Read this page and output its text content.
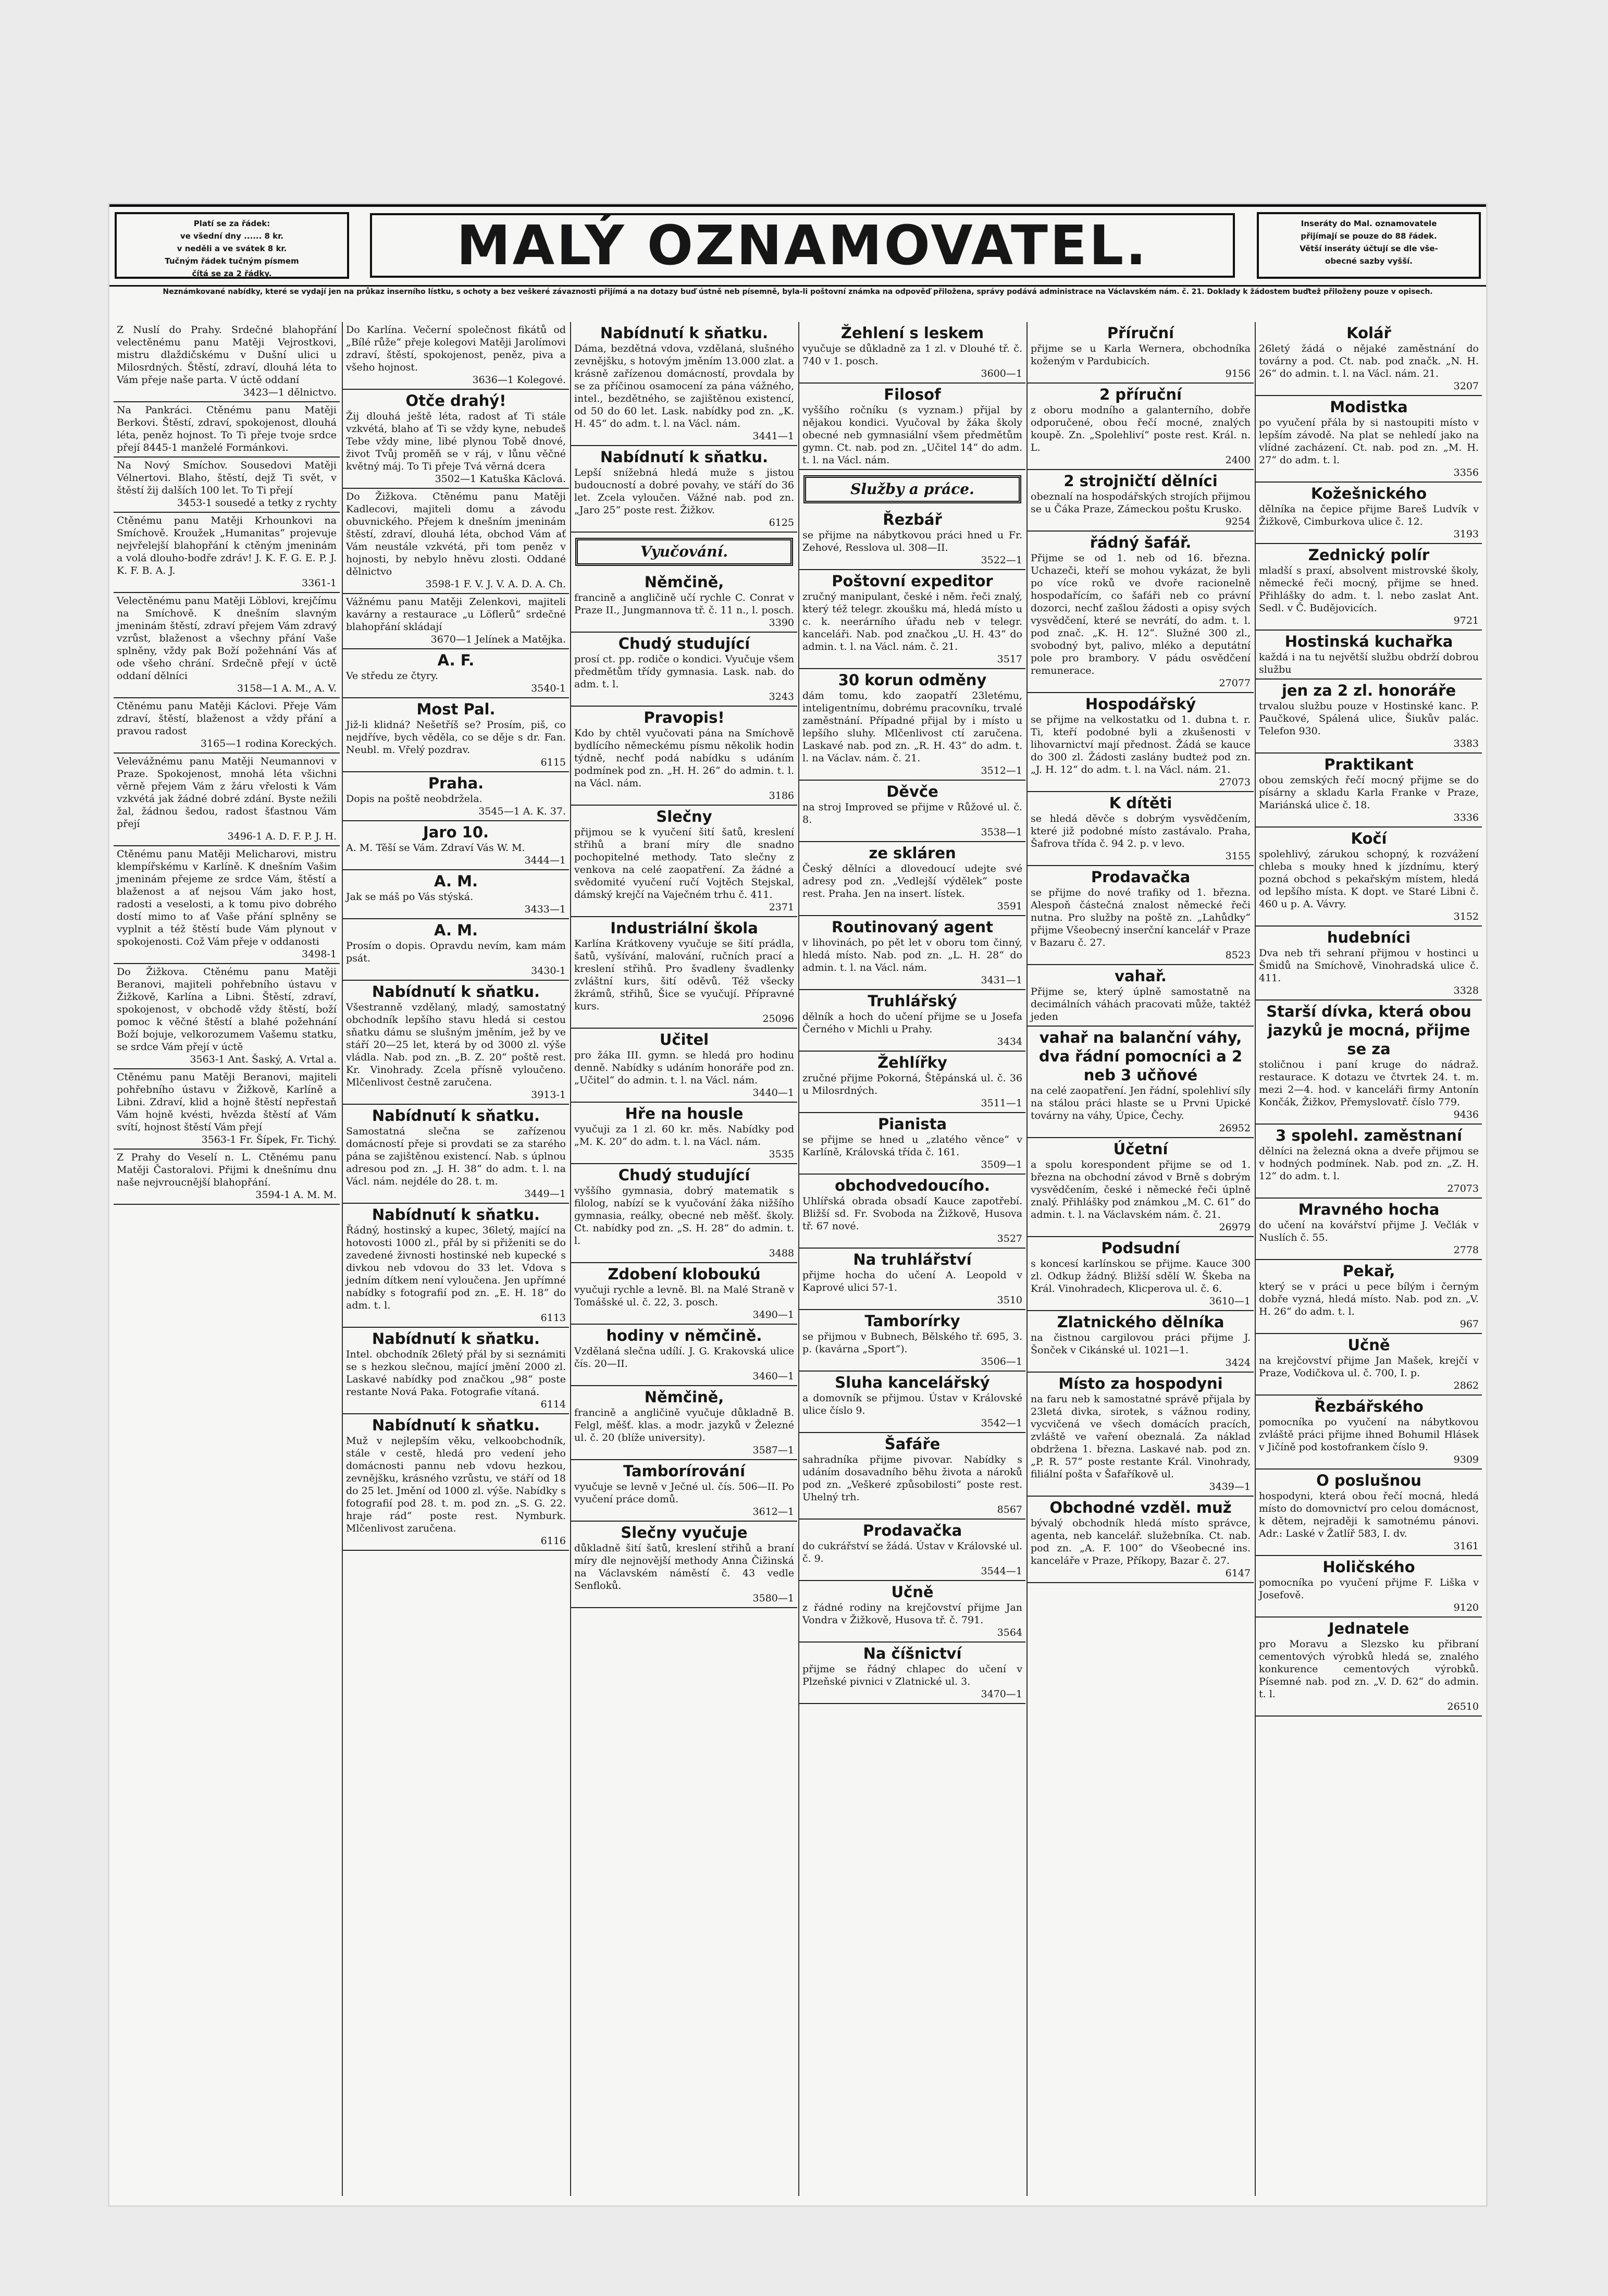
Platí se za řádek:
ve všední dny ...... 8 kr.
v neděli a ve svátek 8 kr.
Tučným řádek tučným písmem
čítá se za 2 řádky.	MALÝ OZNAMOVATEL.	Inseráty do Mal. oznamovatele
přijímají se pouze do 88 řádek.
Větší inseráty účtují se dle vše-
obecné sazby vyšší.
Neznámkované nabídky, které se vydají jen na průkaz inserního lístku, s ochoty a bez veškeré závaznosti přijímá a na dotazy buď ústně neb písemně, byla-li poštovní známka na odpověď přiložena, správy podává administrace na Václavském nám. č. 21. Doklady k žádostem buďtež přiloženy pouze v opisech.

Z Nuslí do Prahy. Srdečné blahopřání velectěnému panu Matěji Vejrostkovi, mistru dlaždičskému v Dušní ulici u Milosrdných. Štěstí, zdraví, dlouhá léta to Vám přeje naše parta. V úctě oddaní

3423—1 dělnictvo.

Na Pankráci. Ctěnému panu Matěji Berkovi. Štěstí, zdraví, spokojenost, dlouhá léta, peněz hojnost. To Ti přeje tvoje srdce přejí 8445-1 manželé Formánkovi.

Na Nový Smíchov. Sousedovi Matěji Vélnertovi. Blaho, štěstí, dejž Ti svět, v štěstí žij dalších 100 let. To Ti přejí

3453-1 sousedé a tetky z rychty

Ctěnému panu Matěji Krhounkovi na Smíchově. Kroužek „Humanitas“ projevuje nejvřelejší blahopřání k ctěným jmeninám a volá dlouho-bodře zdráv! J. K. F. G. E. P. J. K. F. B. A. J.

3361-1

Velectěnému panu Matěji Löblovi, krejčímu na Smíchově. K dnešním slavným jmeninám štěstí, zdraví přejem Vám zdravý vzrůst, blaženost a všechny přání Vaše splněny, vždy pak Boží požehnání Vás ať ode všeho chrání. Srdečně přejí v úctě oddaní dělníci

3158—1 A. M., A. V.

Ctěnému panu Matěji Káclovi. Přeje Vám zdraví, štěstí, blaženost a vždy přání a pravou radost

3165—1 rodina Koreckých.

Velevážnému panu Matěji Neumannovi v Praze. Spokojenost, mnohá léta všichni věrně přejem Vám z žáru vřelosti k Vám vzkvétá jak žádné dobré zdání. Byste nežili žal, žádnou šedou, radost šťastnou Vám přejí

3496-1 A. D. F. P. J. H.

Ctěnému panu Matěji Melicharovi, mistru klempířskému v Karlíně. K dnešním Vašim jmeninám přejeme ze srdce Vám, štěstí a blaženost a ať nejsou Vám jako host, radosti a veselosti, a k tomu pivo dobrého dostí mimo to ať Vaše přání splněny se vyplnit a též štěstí bude Vám plynout v spokojenosti. Což Vám přeje v oddanosti

3498-1

Do Žižkova. Ctěnému panu Matěji Beranovi, majiteli pohřebního ústavu v Žižkově, Karlína a Libni. Štěstí, zdraví, spokojenost, v obchodě vždy štěstí, boží pomoc k věčné štěstí a blahé požehnání Boží bojuje, velkorozumem Vašemu statku, se srdce Vám přejí v úctě

3563-1 Ant. Šaský, A. Vrtal a.

Ctěnému panu Matěji Beranovi, majiteli pohřebního ústavu v Žižkově, Karlíně a Libni. Zdraví, klid a hojně štěstí nepřestaň Vám hojně kvésti, hvězda štěstí ať Vám svítí, hojnost štěstí Vám přejí

3563-1 Fr. Šípek, Fr. Tichý.

Z Prahy do Veselí n. L. Ctěnému panu Matěji Častoralovi. Přijmi k dnešnímu dnu naše nejvroucnější blahopřání.

3594-1 A. M. M.

Do Karlína. Večerní společnost fikátů od „Bílé růže“ přeje kolegovi Matěji Jarolímovi zdraví, štěstí, spokojenost, peněz, piva a všeho hojnost.

3636—1 Kolegové.

Otče drahý!

Žij dlouhá ještě léta, radost ať Ti stále vzkvétá, blaho ať Ti se vždy kyne, nebudeš Tebe vždy mine, libé plynou Tobě dnové, život Tvůj proměň se v ráj, v lůnu věčné květný máj. To Ti přeje Tvá věrná dcera

3502—1 Katuška Kāclová.

Do Žižkova. Ctěnému panu Matěji Kadlecovi, majiteli domu a závodu obuvnického. Přejem k dnešním jmeninám štěstí, zdraví, dlouhá léta, obchod Vám ať Vám neustále vzkvétá, při tom peněz v hojnosti, by nebylo hněvu zlosti. Oddané dělnictvo

3598-1 F. V. J. V. A. D. A. Ch.

Vážnému panu Matěji Zelenkovi, majiteli kavárny a restaurace „u Löflerů“ srdečné blahopřání skládají

3670—1 Jelínek a Matějka.

A. F.

Ve středu ze čtyry.

3540-1

Most Pal.

Již-li klidná? Nešetříš se? Prosím, piš, co nejdříve, bych věděla, co se děje s dr. Fan. Neubl. m. Vřelý pozdrav.

6115

Praha.

Dopis na poště neobdržela.

3545—1 A. K. 37.

Jaro 10.

A. M. Těší se Vám. Zdraví Vás W. M.

3444—1

A. M.

Jak se máš po Vás stýská.

3433—1

A. M.

Prosím o dopis. Opravdu nevím, kam mám psát.

3430-1

Nabídnutí k sňatku.

Všestranně vzdělaný, mladý, samostatný obchodník lepšího stavu hledá si cestou sňatku dámu se slušným jměním, jež by ve stáří 20—25 let, která by od 3000 zl. výše vládla. Nab. pod zn. „B. Z. 20“ poště rest. Kr. Vinohrady. Zcela přísně vyloučeno. Mlčenlivost čestně zaručena.

3913-1

Nabídnutí k sňatku.

Samostatná slečna se zařízenou domácností přeje si provdati se za starého pána se zajištěnou existencí. Nab. s úplnou adresou pod zn. „J. H. 38“ do adm. t. l. na Václ. nám. nejdéle do 28. t. m.

3449—1

Nabídnutí k sňatku.

Řádný, hostinský a kupec, 36letý, mající na hotovosti 1000 zl., přál by si přiženiti se do zavedené živnosti hostinské neb kupecké s divkou neb vdovou do 33 let. Vdova s jedním dítkem není vyloučena. Jen upřímné nabídky s fotografií pod zn. „E. H. 18“ do adm. t. l.

6113

Nabídnutí k sňatku.

Intel. obchodník 26letý přál by si seznámiti se s hezkou slečnou, mající jmění 2000 zl. Laskavé nabídky pod značkou „98“ poste restante Nová Paka. Fotografie vítaná.

6114

Nabídnutí k sňatku.

Muž v nejlepším věku, velkoobchodník, stále v cestě, hledá pro vedení jeho domácnosti pannu neb vdovu hezkou, zevnějšku, krásného vzrůstu, ve stáří od 18 do 25 let. Jmění od 1000 zl. výše. Nabídky s fotografií pod 28. t. m. pod zn. „S. G. 22. hraje rád“ poste rest. Nymburk. Mlčenlivost zaručena.

6116

Nabídnutí k sňatku.

Dáma, bezdětná vdova, vzdělaná, slušného zevnějšku, s hotovým jměním 13.000 zlat. a krásně zařízenou domácností, provdala by se za příčinou osamocení za pána vážného, intel., bezdětného, se zajištěnou existencí, od 50 do 60 let. Lask. nabídky pod zn. „K. H. 45“ do adm. t. l. na Václ. nám.

3441—1

Nabídnutí k sňatku.

Lepší snížebná hledá muže s jistou budoucností a dobré povahy, ve stáří do 36 let. Zcela vyloučen. Vážné nab. pod zn. „Jaro 25“ poste rest. Žižkov.

6125

Vyučování.
Němčině,

francině a angličině učí rychle C. Conrat v Praze II., Jungmannova tř. č. 11 n., l. posch.

3390

Chudý studující

prosí ct. pp. rodiče o kondici. Vyučuje všem předmětům třídy gymnasia. Lask. nab. do adm. t. l.

3243

Pravopis!

Kdo by chtěl vyučovati pána na Smíchově bydlícího německému písmu několik hodin týdně, nechť podá nabídku s udáním podmínek pod zn. „H. H. 26“ do admin. t. l. na Václ. nám.

3186

Slečny

přijmou se k vyučení šití šatů, kreslení střihů a braní míry dle snadno pochopitelné methody. Tato slečny z venkova na celé zaopatření. Za žádné a svědomité vyučení ručí Vojtěch Stejskal, dámský krejčí na Vaječném trhu č. 411.

2371

Industriální škola

Karlína Krátkoveny vyučuje se šití prádla, šatů, vyšívání, malování, ručních prací a kreslení střihů. Pro švadleny švadlenky zvláštní kurs, šití oděvů. Též všecky žkrámů, střihů, Šice se vyučují. Přípravné kurs.

25096

Učitel

pro žáka III. gymn. se hledá pro hodinu denně. Nabídky s udáním honoráře pod zn. „Učitel“ do admin. t. l. na Václ. nám.

3440—1

Hře na housle

vyučuji za 1 zl. 60 kr. měs. Nabídky pod „M. K. 20“ do adm. t. l. na Václ. nám.

3535

Chudý studující

vyššího gymnasia, dobrý matematik s filolog, nabízí se k vyučování žáka nižšího gymnasia, reálky, obecné neb měšť. školy. Ct. nabídky pod zn. „S. H. 28“ do admin. t. l.

3488

Zdobení kloboukú

vyučuji rychle a levně. Bl. na Malé Straně v Tomášské ul. č. 22, 3. posch.

3490—1

hodiny v němčině.

Vzdělaná slečna udílí. J. G. Krakovská ulice čís. 20—II.

3460—1

Němčině,

francině a angličině vyučuje důkladně B. Felgl, měšť. klas. a modr. jazyků v Železné ul. č. 20 (blíže university).

3587—1

Tamborírování

vyučuje se levně v Ječné ul. čís. 506—II. Po vyučení práce domů.

3612—1

Slečny vyučuje

důkladně šití šatů, kreslení střihů a braní míry dle nejnovější methody Anna Čižinská na Václavském náměstí č. 43 vedle Senfloků.

3580—1

Žehlení s leskem

vyučuje se důkladně za 1 zl. v Dlouhé tř. č. 740 v 1. posch.

3600—1

Filosof

vyššího ročníku (s vyznam.) přijal by nějakou kondici. Vyučoval by žáka školy obecné neb gymnasiální všem předmětům gymn. Ct. nab. pod zn. „Učitel 14“ do adm. t. l. na Václ. nám.

Služby a práce.
Řezbář

se přijme na nábytkovou práci hned u Fr. Zehové, Resslova ul. 308—II.

3522—1

Poštovní expeditor

zručný manipulant, české i něm. řeči znalý, který též telegr. zkoušku má, hledá místo u c. k. neerárního úřadu neb v telegr. kanceláři. Nab. pod značkou „U. H. 43“ do admin. t. l. na Václ. nám. č. 21.

3517

30 korun odměny

dám tomu, kdo zaopatří 23letému, inteligentnímu, dobrému pracovníku, trvalé zaměstnání. Případné přijal by i místo u lepšího sluhy. Mlčenlivost ctí zaručena. Laskavé nab. pod zn. „R. H. 43“ do adm. t. l. na Václav. nám. č. 21.

3512—1

Děvče

na stroj Improved se přijme v Růžové ul. č. 8.

3538—1

ze skláren

Český dělníci a dlovedoucí udejte své adresy pod zn. „Vedlejší výdělek“ poste rest. Praha. Jen na insert. lístek.

3591

Routinovaný agent

v lihovinách, po pět let v oboru tom činný, hledá místo. Nab. pod zn. „L. H. 28“ do admin. t. l. na Václ. nám.

3431—1

Truhlářský

dělník a hoch do učení přijme se u Josefa Černého v Michli u Prahy.

3434

Žehlířky

zručné přijme Pokorná, Štěpánská ul. č. 36 u Milosrdných.

3511—1

Pianista

se přijme se hned u „zlatého věnce“ v Karlíně, Královská třída č. 161.

3509—1

obchodvedoucího.

Uhlířská obrada obsadí Kauce zapotřebí. Bližší sd. Fr. Svoboda na Žižkově, Husova tř. 67 nové.

3527

Na truhlářství

přijme hocha do učení A. Leopold v Kaprové ulici 57-1.

3510

Tamborírky

se přijmou v Bubnech, Bělského tř. 695, 3. p. (kavárna „Sport“).

3506—1

Sluha kancelářský

a domovník se přijmou. Ústav v Královské ulice číslo 9.

3542—1

Šafáře

sahradníka přijme pivovar. Nabídky s udáním dosavadního běhu života a nároků pod zn. „Veškeré způsobilosti“ poste rest. Uhelný trh.

8567

Prodavačka

do cukrářství se žádá. Ústav v Královské ul. č. 9.

3544—1

Učně

z řádné rodiny na krejčovství přijme Jan Vondra v Žižkově, Husova tř. č. 791.

3564

Na číšnictví

přijme se řádný chlapec do učení v Plzeňské pivnici v Zlatnické ul. 3.

3470—1

Příruční

přijme se u Karla Wernera, obchodníka koženým v Pardubicích.

9156

2 příruční

z oboru modního a galanterního, dobře odporučené, obou řečí mocné, znalých koupě. Zn. „Spolehliví“ poste rest. Král. n. L.

2400

2 strojničtí dělníci

obeznalí na hospodářských strojích přijmou se u Čáka Praze, Zámeckou poštu Krusko.

9254

řádný šafář.

Přijme se od 1. neb od 16. března. Uchazeči, kteří se mohou vykázat, že byli po více roků ve dvoře racionelně hospodařícím, co šafáři neb co právní dozorci, nechť zašlou žádosti a opisy svých vysvědčení, které se nevrátí, do adm. t. l. pod znač. „K. H. 12“. Služné 300 zl., svobodný byt, palivo, mléko a deputátní pole pro brambory. V pádu osvědčení remunerace.

27077

Hospodářský

se přijme na velkostatku od 1. dubna t. r. Ti, kteří podobné byli a zkušenosti v lihovarnictví mají přednost. Žádá se kauce do 300 zl. Žádosti zaslány budteż pod zn. „J. H. 12“ do adm. t. l. na Václ. nám. 21.

27073

K dítěti

se hledá děvče s dobrým vysvědčením, které již podobné místo zastávalo. Praha, Šafrova třída č. 94 2. p. v levo.

3155

Prodavačka

se přijme do nové trafiky od 1. března. Alespoň částečná znalost německé řeči nutna. Pro služby na poště zn. „Lahůdky“ přijme Všeobecný inserční kancelář v Praze v Bazaru č. 27.

8523

vahař.

Přijme se, který úplně samostatně na decimálních váhách pracovati může, taktéž jeden

vahař na balanční váhy, dva řádní pomocníci a 2 neb 3 učňové

na celé zaopatření. Jen řádní, spolehliví síly na stálou práci hlaste se u Prvni Upické továrny na váhy, Úpice, Čechy.

26952

Účetní

a spolu korespondent přijme se od 1. března na obchodní závod v Brně s dobrým vysvědčením, české i německé řeči úplně znalý. Přihlášky pod známkou „M. C. 61“ do admin. t. l. na Václavském nám. č. 21.

26979

Podsudní

s koncesí karlínskou se přijme. Kauce 300 zl. Odkup žádný. Bližší sdělí W. Škeba na Král. Vinohradech, Klicperova ul. č. 6.

3610—1

Zlatnického dělníka

na čistnou cargilovou práci přijme J. Šonček v Cikánské ul. 1021—1.

3424

Místo za hospodyni

na faru neb k samostatné správě přijala by 23letá divka, sirotek, s vážnou rodiny, vycvičená ve všech domácích pracích, zvláště ve vaření obeznalá. Za náklad obdržena 1. března. Laskavé nab. pod zn. „P. R. 57“ poste restante Král. Vinohrady, filiální pošta v Šafaříkově ul.

3439—1

Obchodné vzděl. muž

bývalý obchodník hledá místo správce, agenta, neb kancelář. služebníka. Ct. nab. pod zn. „A. F. 100“ do Všeobecné ins. kanceláře v Praze, Příkopy, Bazar č. 27.

6147

Kolář

26letý žádá o nějaké zaměstnání do továrny a pod. Ct. nab. pod značk. „N. H. 26“ do admin. t. l. na Václ. nám. 21.

3207

Modistka

po vyučení přála by si nastoupiti místo v lepším závodě. Na plat se nehledí jako na vlídné zacházení. Ct. nab. pod zn. „M. H. 27“ do adm. t. l.

3356

Kožešnického

dělníka na čepice přijme Bareš Ludvík v Žižkově, Cimburkova ulice č. 12.

3193

Zednický polír

mladší s praxí, absolvent mistrovské školy, německé řeči mocný, přijme se hned. Přihlášky do adm. t. l. nebo zaslat Ant. Sedl. v Č. Budějovicích.

9721

Hostinská kuchařka

každá i na tu největší službu obdrží dobrou službu

jen za 2 zl. honoráře

trvalou službu pouze v Hostinské kanc. P. Paučkové, Spálená ulice, Šiukův palác. Telefon 930.

3383

Praktikant

obou zemských řečí mocný přijme se do písárny a skladu Karla Franke v Praze, Mariánská ulice č. 18.

3336

Kočí

spolehlivý, zárukou schopný, k rozvážení chleba s mouky hned k jízdnímu, který pozná obchod s pekařským místem, hledá od lepšího místa. K dopt. ve Staré Libni č. 460 u p. A. Vávry.

3152

hudebníci

Dva neb tři sehraní přijmou v hostinci u Šmidů na Smíchově, Vinohradská ulice č. 411.

3328

Starší dívka, která obou jazyků je mocná, přijme se za

stoličnou i paní kruge do nádraž. restaurace. K dotazu ve čtvrtek 24. t. m. mezi 2—4. hod. v kanceláři firmy Antonín Končák, Žižkov, Přemyslovatř. číslo 779.

9436

3 spolehl. zaměstnaní

dělníci na železná okna a dveře přijmou se v hodných podmínek. Nab. pod zn. „Z. H. 12“ do adm. t. l.

27073

Mravného hocha

do učení na kovářství přijme J. Večlák v Nuslích č. 55.

2778

Pekař,

který se v práci u pece bílým i černým dobře vyzná, hledá místo. Nab. pod zn. „V. H. 26“ do adm. t. l.

967

Učně

na krejčovství přijme Jan Mašek, krejčí v Praze, Vodičkova ul. č. 700, I. p.

2862

Řezbářského

pomocníka po vyučení na nábytkovou zvláště práci přijme ihned Bohumil Hlásek v Jičíně pod kostofrankem číslo 9.

9309

O poslušnou

hospodyni, která obou řečí mocná, hledá místo do domovnictví pro celou domácnost, k dětem, nejraději k samotnému pánovi. Adr.: Laské v Žatlíř 583, I. dv.

3161

Holičského

pomocníka po vyučení přijme F. Liška v Josefově.

9120

Jednatele

pro Moravu a Slezsko ku přibraní cementových výrobků hledá se, znalého konkurence cementových výrobků. Písemné nab. pod zn. „V. D. 62“ do admin. t. l.

26510
